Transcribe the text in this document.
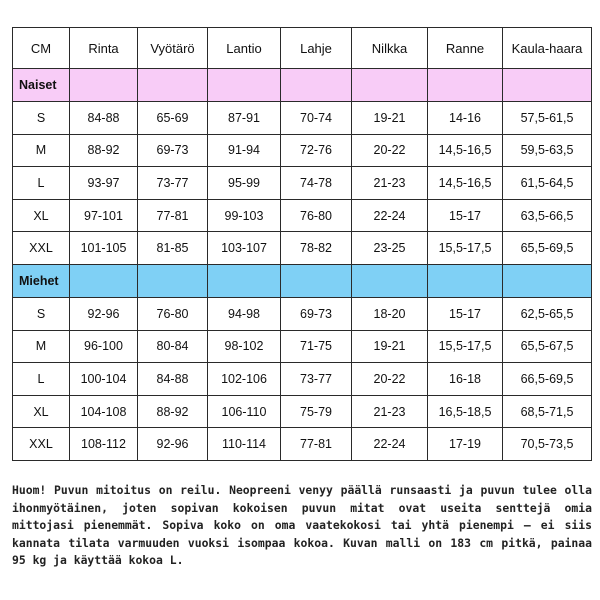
CM	Rinta	Vyötärö	Lantio	Lahje	Nilkka	Ranne	Kaula-haara
Naiset							
S	84-88	65-69	87-91	70-74	19-21	14-16	57,5-61,5
M	88-92	69-73	91-94	72-76	20-22	14,5-16,5	59,5-63,5
L	93-97	73-77	95-99	74-78	21-23	14,5-16,5	61,5-64,5
XL	97-101	77-81	99-103	76-80	22-24	15-17	63,5-66,5
XXL	101-105	81-85	103-107	78-82	23-25	15,5-17,5	65,5-69,5
Miehet							
S	92-96	76-80	94-98	69-73	18-20	15-17	62,5-65,5
M	96-100	80-84	98-102	71-75	19-21	15,5-17,5	65,5-67,5
L	100-104	84-88	102-106	73-77	20-22	16-18	66,5-69,5
XL	104-108	88-92	106-110	75-79	21-23	16,5-18,5	68,5-71,5
XXL	108-112	92-96	110-114	77-81	22-24	17-19	70,5-73,5

Huom! Puvun mitoitus on reilu. Neopreeni venyy päällä runsaasti ja puvun tulee olla ihonmyötäinen, joten sopivan kokoisen puvun mitat ovat useita senttejä omia mittojasi pienemmät. Sopiva koko on oma vaatekokosi tai yhtä pienempi – ei siis kannata tilata varmuuden vuoksi isompaa kokoa. Kuvan malli on 183 cm pitkä, painaa 95 kg ja käyttää kokoa L.
